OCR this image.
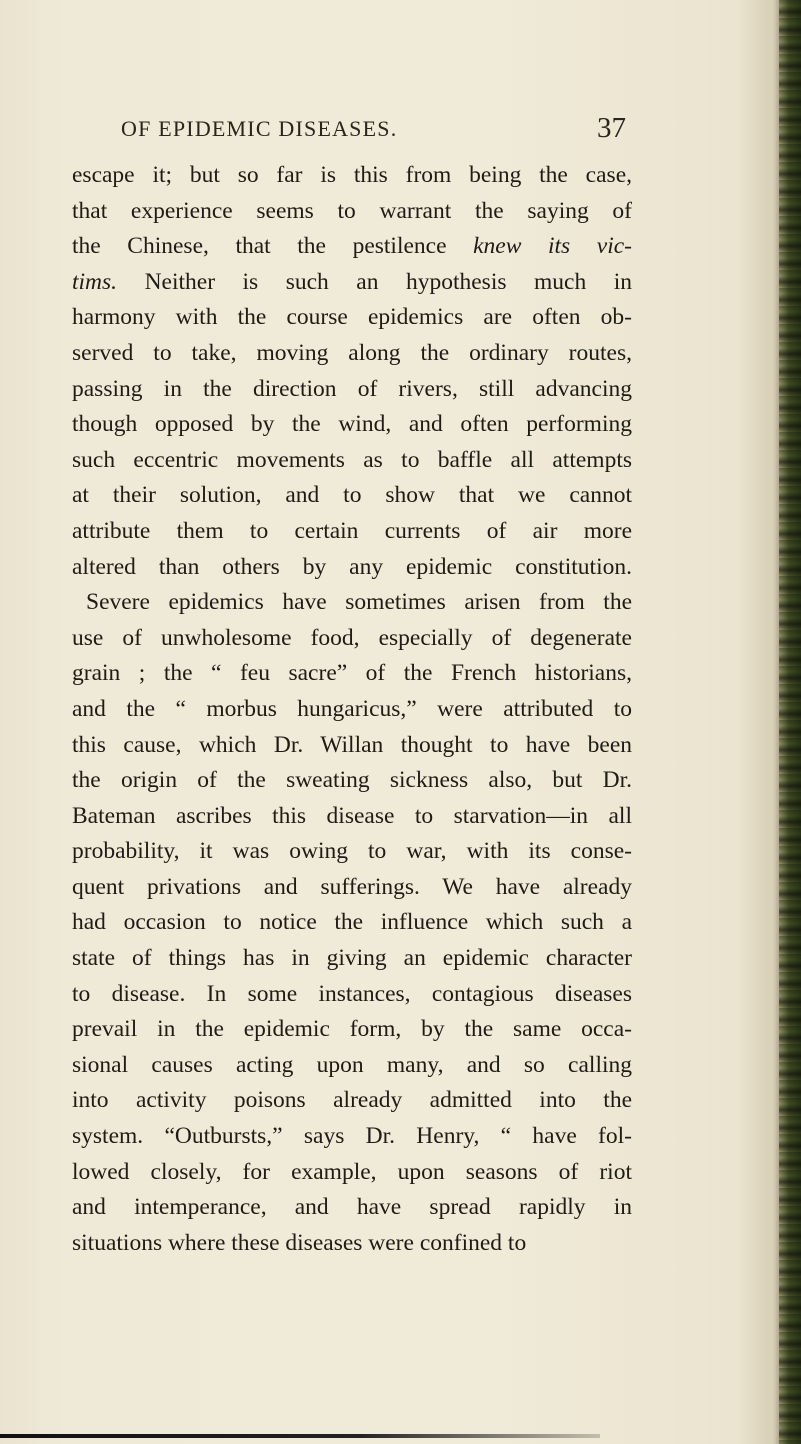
OF EPIDEMIC DISEASES.	37
escape it; but so far is this from being the case,
that experience seems to warrant the saying of
the Chinese, that the pestilence knew its vic-
tims. Neither is such an hypothesis much in
harmony with the course epidemics are often ob-
served to take, moving along the ordinary routes,
passing in the direction of rivers, still advancing
though opposed by the wind, and often performing
such eccentric movements as to baffle all attempts
at their solution, and to show that we cannot
attribute them to certain currents of air more
altered than others by any epidemic constitution.
Severe epidemics have sometimes arisen from the
use of unwholesome food, especially of degenerate
grain ; the “ feu sacre” of the French historians,
and the “ morbus hungaricus,” were attributed to
this cause, which Dr. Willan thought to have been
the origin of the sweating sickness also, but Dr.
Bateman ascribes this disease to starvation—in all
probability, it was owing to war, with its conse-
quent privations and sufferings. We have already
had occasion to notice the influence which such a
state of things has in giving an epidemic character
to disease. In some instances, contagious diseases
prevail in the epidemic form, by the same occa-
sional causes acting upon many, and so calling
into activity poisons already admitted into the
system. “Outbursts,” says Dr. Henry, “ have fol-
lowed closely, for example, upon seasons of riot
and intemperance, and have spread rapidly in
situations where these diseases were confined to
